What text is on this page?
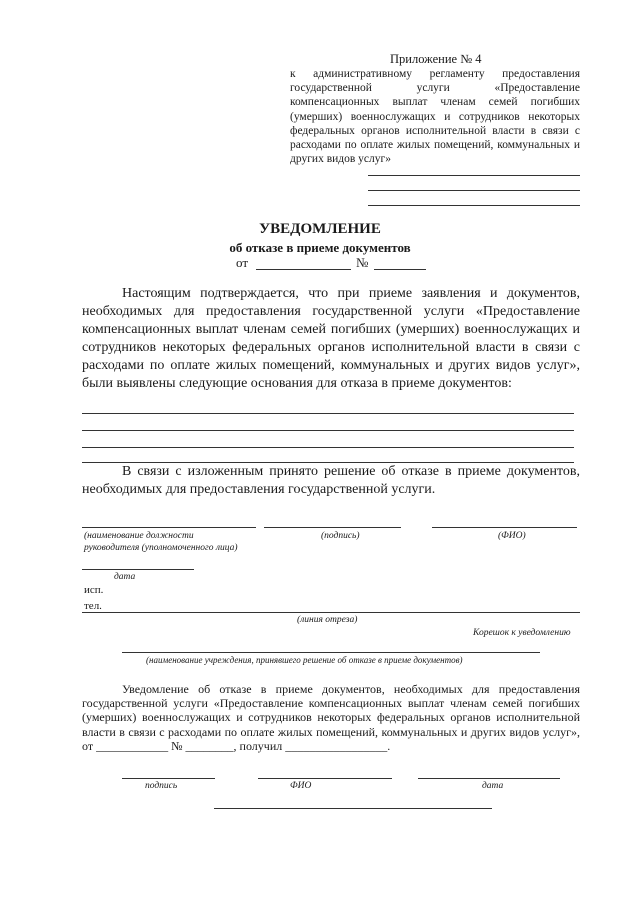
Приложение № 4
к административному регламенту предоставления государственной услуги «Предоставление компенсационных выплат членам семей погибших (умерших) военнослужащих и сотрудников некоторых федеральных органов исполнительной власти в связи с расходами по оплате жилых помещений, коммунальных и других видов услуг»
УВЕДОМЛЕНИЕ
об отказе в приеме документов
от	№
Настоящим подтверждается, что при приеме заявления и документов, необходимых для предоставления государственной услуги «Предоставление компенсационных выплат членам семей погибших (умерших) военнослужащих и сотрудников некоторых федеральных органов исполнительной власти в связи с расходами по оплате жилых помещений, коммунальных и других видов услуг», были выявлены следующие основания для отказа в приеме документов:
В связи с изложенным принято решение об отказе в приеме документов, необходимых для предоставления государственной услуги.
(наименование должности
руководителя (уполномоченного лица)
(подпись)	(ФИО)
дата
исп.
тел.
(линия отреза)
Корешок к уведомлению
(наименование учреждения, принявшего решение об отказе в приеме документов)
Уведомление об отказе в приеме документов, необходимых для предоставления государственной услуги «Предоставление компенсационных выплат членам семей погибших (умерших) военнослужащих и сотрудников некоторых федеральных органов исполнительной власти в связи с расходами по оплате жилых помещений, коммунальных и других видов услуг», от ____________ № ________, получил _________________.
подпись	ФИО	дата
